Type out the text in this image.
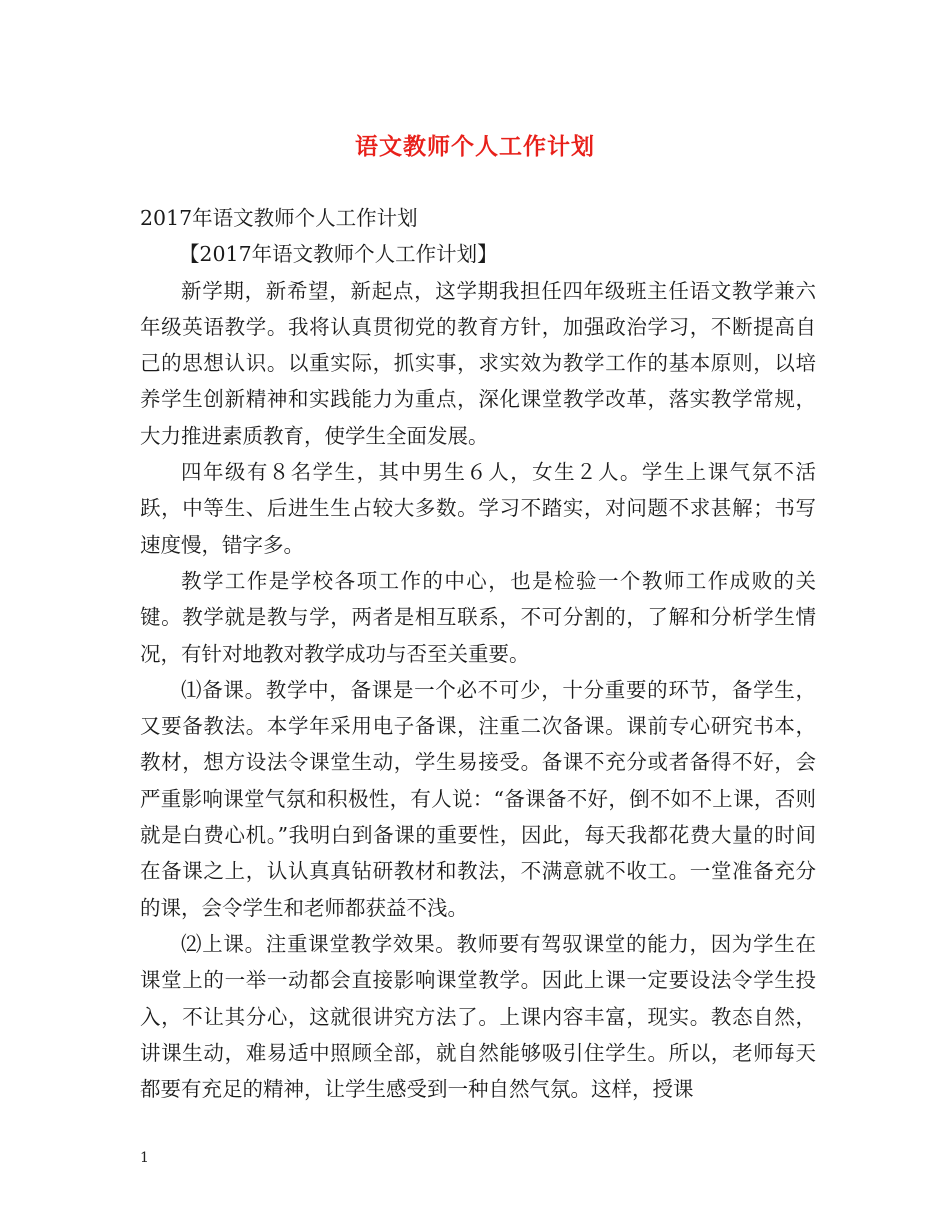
语文教师个人工作计划

2017年语文教师个人工作计划

【2017年语文教师个人工作计划】

新学期，新希望，新起点，这学期我担任四年级班主任语文教学兼六年级英语教学。我将认真贯彻党的教育方针，加强政治学习，不断提高自己的思想认识。以重实际，抓实事，求实效为教学工作的基本原则，以培养学生创新精神和实践能力为重点，深化课堂教学改革，落实教学常规，大力推进素质教育，使学生全面发展。

四年级有８名学生，其中男生６人，女生２人。学生上课气氛不活跃，中等生、后进生生占较大多数。学习不踏实，对问题不求甚解；书写速度慢，错字多。

教学工作是学校各项工作的中心，也是检验一个教师工作成败的关键。教学就是教与学，两者是相互联系，不可分割的，了解和分析学生情况，有针对地教对教学成功与否至关重要。

⑴备课。教学中，备课是一个必不可少，十分重要的环节，备学生，又要备教法。本学年采用电子备课，注重二次备课。课前专心研究书本，教材，想方设法令课堂生动，学生易接受。备课不充分或者备得不好，会严重影响课堂气氛和积极性，有人说：“备课备不好，倒不如不上课，否则就是白费心机。”我明白到备课的重要性，因此，每天我都花费大量的时间在备课之上，认认真真钻研教材和教法，不满意就不收工。一堂准备充分的课，会令学生和老师都获益不浅。

⑵上课。注重课堂教学效果。教师要有驾驭课堂的能力，因为学生在课堂上的一举一动都会直接影响课堂教学。因此上课一定要设法令学生投入，不让其分心，这就很讲究方法了。上课内容丰富，现实。教态自然，讲课生动，难易适中照顾全部，就自然能够吸引住学生。所以，老师每天都要有充足的精神，让学生感受到一种自然气氛。这样，授课

1
